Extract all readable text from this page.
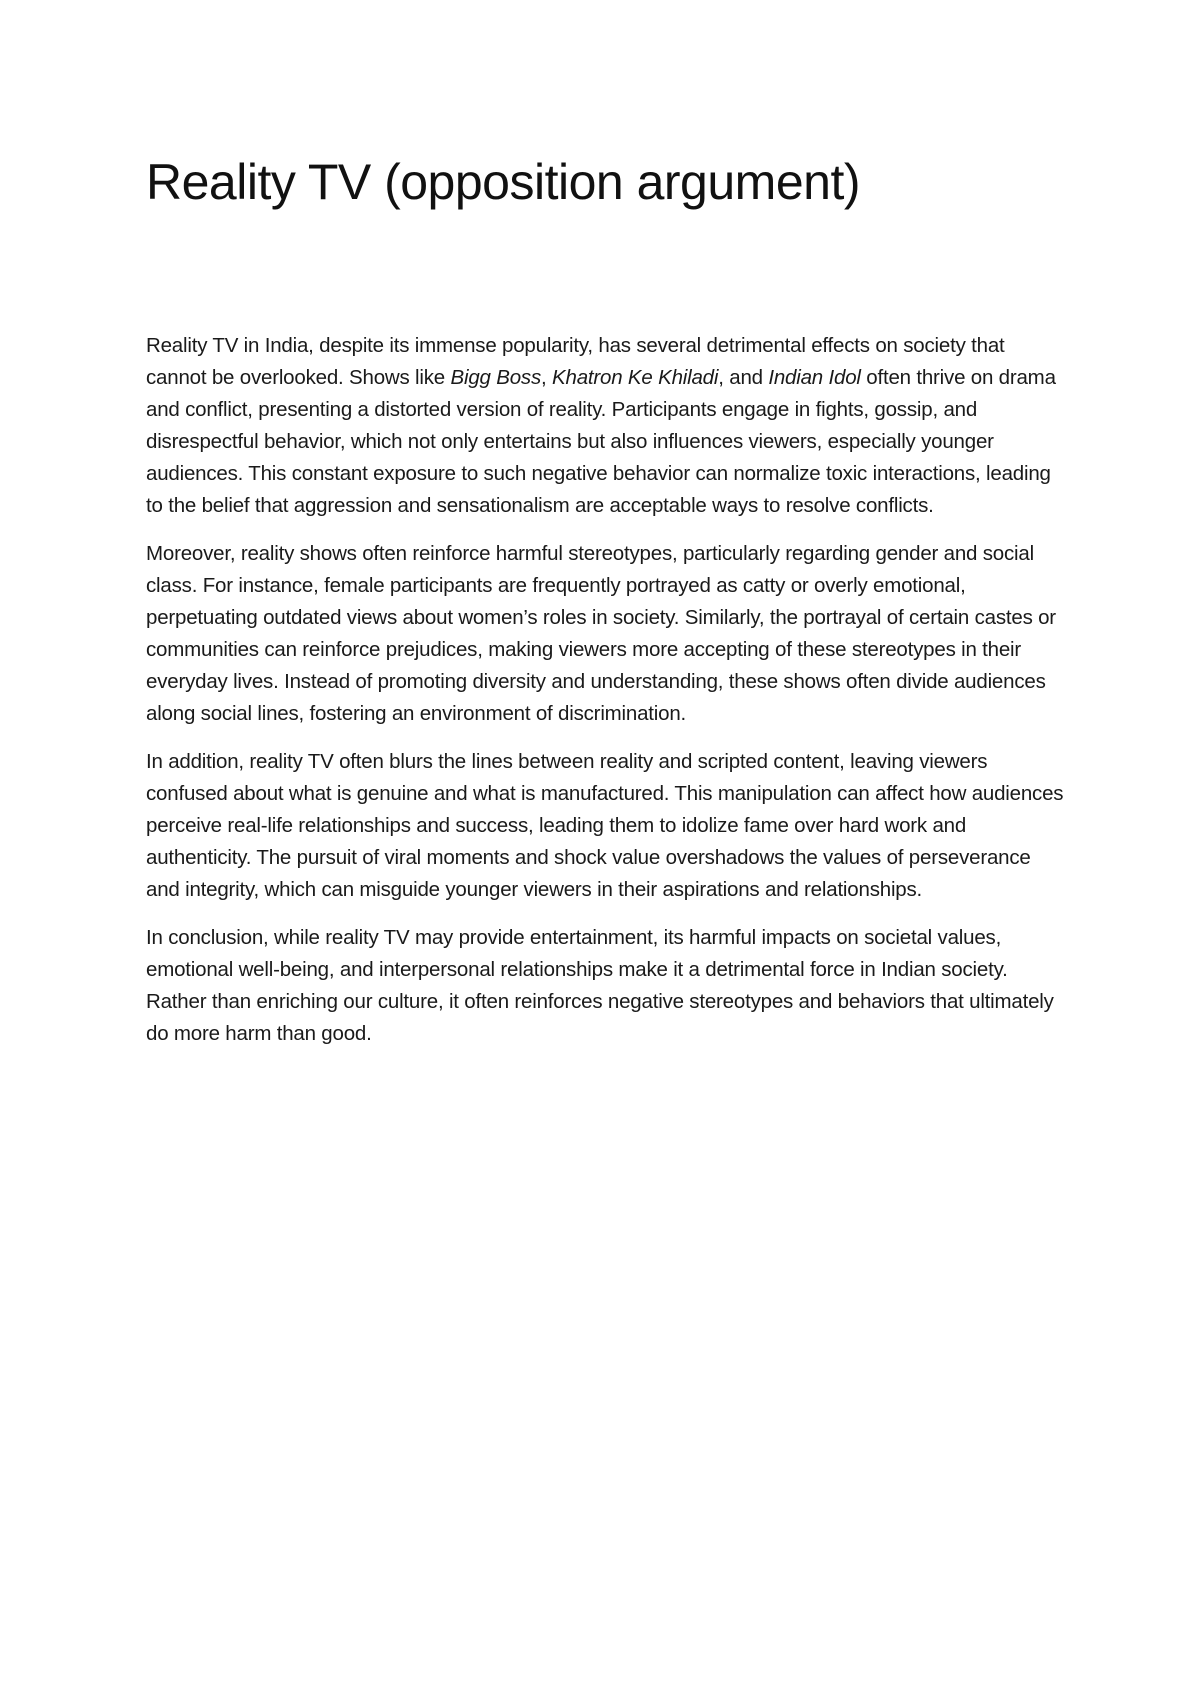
Reality TV (opposition argument)

Reality TV in India, despite its immense popularity, has several detrimental effects on society that cannot be overlooked. Shows like Bigg Boss, Khatron Ke Khiladi, and Indian Idol often thrive on drama and conflict, presenting a distorted version of reality. Participants engage in fights, gossip, and disrespectful behavior, which not only entertains but also influences viewers, especially younger audiences. This constant exposure to such negative behavior can normalize toxic interactions, leading to the belief that aggression and sensationalism are acceptable ways to resolve conflicts.

Moreover, reality shows often reinforce harmful stereotypes, particularly regarding gender and social class. For instance, female participants are frequently portrayed as catty or overly emotional, perpetuating outdated views about women’s roles in society. Similarly, the portrayal of certain castes or communities can reinforce prejudices, making viewers more accepting of these stereotypes in their everyday lives. Instead of promoting diversity and understanding, these shows often divide audiences along social lines, fostering an environment of discrimination.

In addition, reality TV often blurs the lines between reality and scripted content, leaving viewers confused about what is genuine and what is manufactured. This manipulation can affect how audiences perceive real-life relationships and success, leading them to idolize fame over hard work and authenticity. The pursuit of viral moments and shock value overshadows the values of perseverance and integrity, which can misguide younger viewers in their aspirations and relationships.

In conclusion, while reality TV may provide entertainment, its harmful impacts on societal values, emotional well-being, and interpersonal relationships make it a detrimental force in Indian society. Rather than enriching our culture, it often reinforces negative stereotypes and behaviors that ultimately do more harm than good.
